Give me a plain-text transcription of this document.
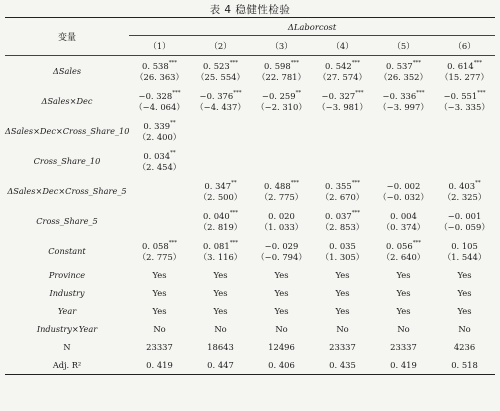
表 4 稳健性检验
变量	ΔLaborcost					
	（1）	（2）	（3）	（4）	（5）	（6）
ΔSales	0. 538***	0. 523***	0. 598***	0. 542***	0. 537***	0. 614***
	（26. 363）	（25. 554）	（22. 781）	（27. 574）	（26. 352）	（15. 277）
ΔSales×Dec	−0. 328***	−0. 376***	−0. 259**	−0. 327***	−0. 336***	−0. 551***
	（−4. 064）	（−4. 437）	（−2. 310）	（−3. 981）	（−3. 997）	（−3. 335）
ΔSales×Dec×Cross_Share_10	0. 339**					
	（2. 400）					
Cross_Share_10	0. 034**					
	（2. 454）					
ΔSales×Dec×Cross_Share_5		0. 347**	0. 488***	0. 355***	−0. 002	0. 403**
		（2. 500）	（2. 775）	（2. 670）	（−0. 032）	（2. 325）
Cross_Share_5		0. 040***	0. 020	0. 037***	0. 004	−0. 001
		（2. 819）	（1. 033）	（2. 853）	（0. 374）	（−0. 059）
Constant	0. 058***	0. 081***	−0. 029	0. 035	0. 056***	0. 105
	（2. 775）	（3. 116）	（−0. 794）	（1. 305）	（2. 640）	（1. 544）
Province	Yes	Yes	Yes	Yes	Yes	Yes
Industry	Yes	Yes	Yes	Yes	Yes	Yes
Year	Yes	Yes	Yes	Yes	Yes	Yes
Industry×Year	No	No	No	No	No	No
N	23337	18643	12496	23337	23337	4236
Adj. R²	0. 419	0. 447	0. 406	0. 435	0. 419	0. 518
